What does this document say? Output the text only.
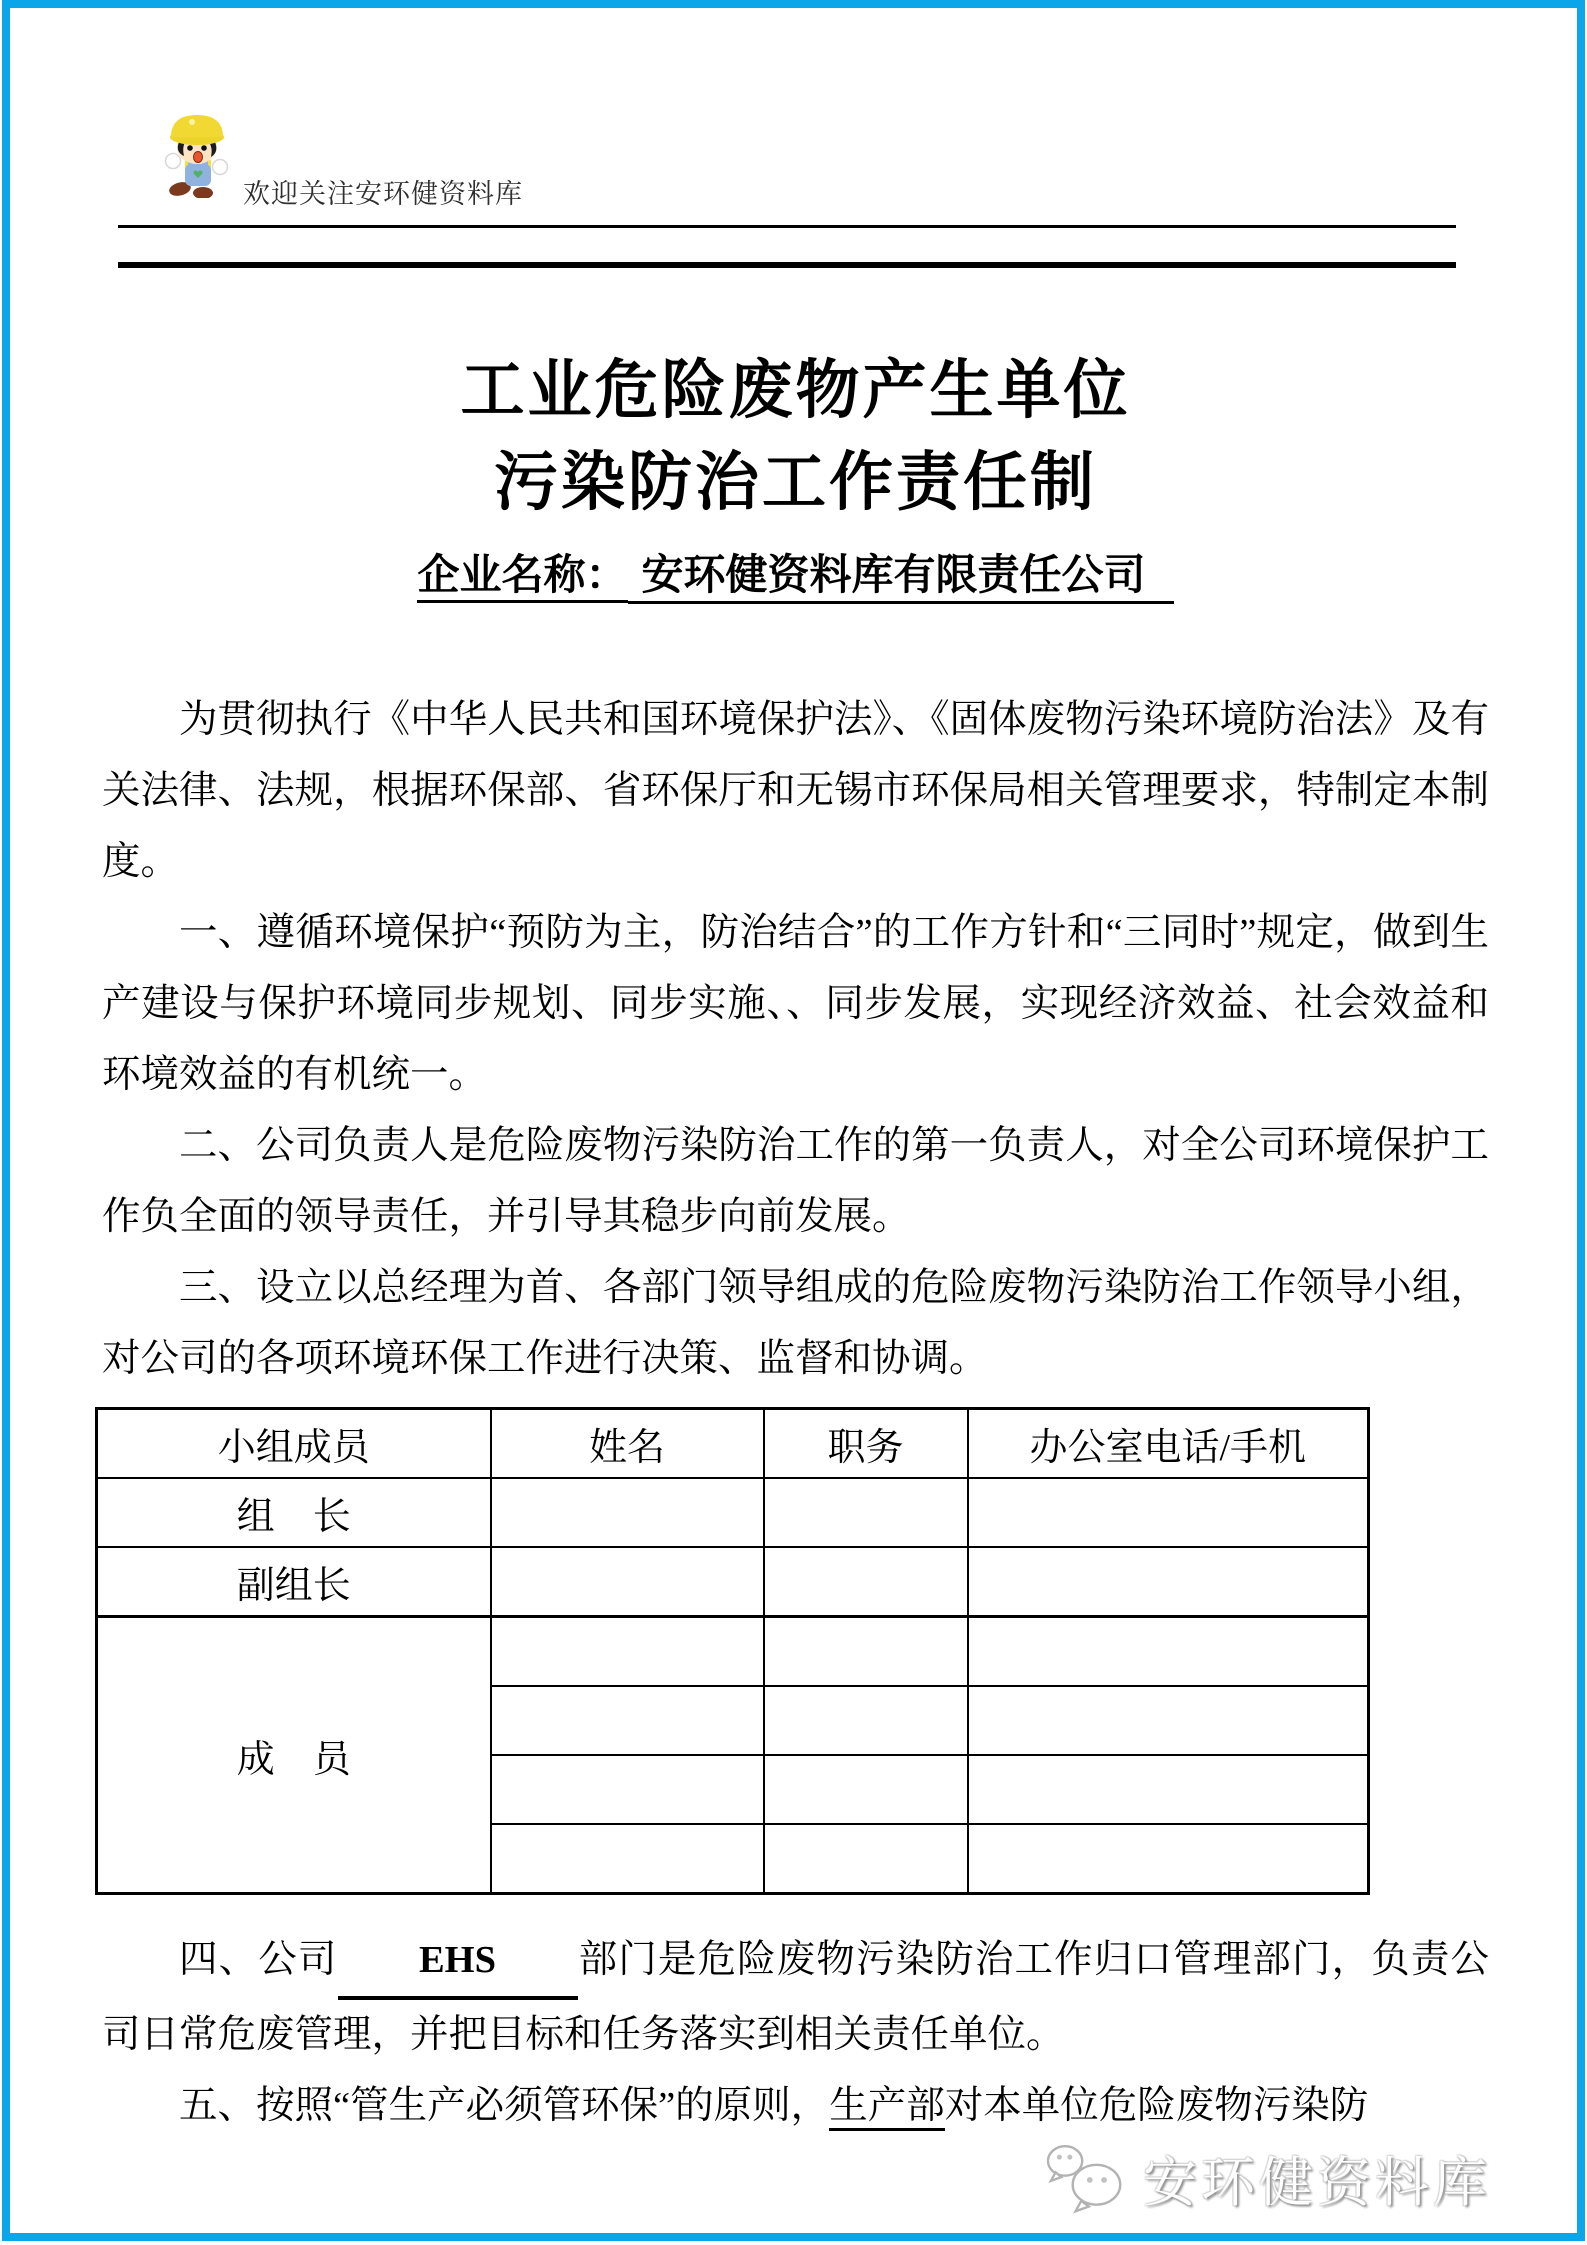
欢迎关注安环健资料库
工业危险废物产生单位
污染防治工作责任制
企业名称： 安环健资料库有限责任公司

为贯彻执行《中华人民共和国环境保护法》、《固体废物污染环境防治法》及有关法律、法规，根据环保部、省环保厅和无锡市环保局相关管理要求，特制定本制度。

一、遵循环境保护“预防为主，防治结合”的工作方针和“三同时”规定，做到生产建设与保护环境同步规划、同步实施、、同步发展，实现经济效益、社会效益和环境效益的有机统一。

二、公司负责人是危险废物污染防治工作的第一负责人，对全公司环境保护工作负全面的领导责任，并引导其稳步向前发展。

三、设立以总经理为首、各部门领导组成的危险废物污染防治工作领导小组，对公司的各项环境环保工作进行决策、监督和协调。

小组成员	姓名	职务	办公室电话/手机
组　长			
副组长			
成　员			

四、公司 EHS 部门是危险废物污染防治工作归口管理部门，负责公司日常危废管理，并把目标和任务落实到相关责任单位。

五、按照“管生产必须管环保”的原则，生产部对本单位危险废物污染防

安环健资料库
